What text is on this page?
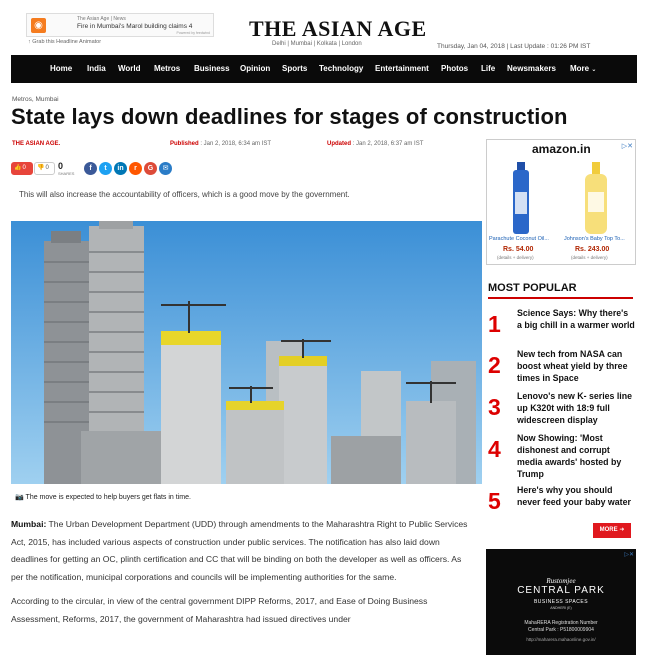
◉
The Asian Age | News
Fire in Mumbai's Marol building claims 4
Powered by feedwind
↑ Grab this Headline Animator
THE ASIAN AGE
Delhi | Mumbai | Kolkata | London	Thursday, Jan 04, 2018 | Last Update : 01:26 PM IST
Home India World Metros Business Opinion Sports Technology Entertainment Photos Life Newsmakers More ⌄
Metros, Mumbai
State lays down deadlines for stages of construction
THE ASIAN AGE.	Published : Jan 2, 2018, 6:34 am IST	Updated : Jan 2, 2018, 6:37 am IST
👍0	👎0	0
SHARES
f	t	in	r	G	✉
This will also increase the accountability of officers, which is a good move by the government.
📷 The move is expected to help buyers get flats in time.

Mumbai: The Urban Development Department (UDD) through amendments to the Maharashtra Right to Public Services Act, 2015, has included various aspects of construction under public services. The notification has also laid down deadlines for getting an OC, plinth certification and CC that will be binding on both the developer as well as officers. As per the notification, municipal corporations and councils will be implementing authorities for the same.

According to the circular, in view of the central government DIPP Reforms, 2017, and Ease of Doing Business Assessment, Reforms, 2017, the government of Maharashtra had issued directives under

amazon.in	▷✕
Parachute Coconut Oil...
Rs. 54.00
(details + delivery)
Johnson's Baby Top To...
Rs. 243.00
(details + delivery)
MOST POPULAR
1 Science Says: Why there's a big chill in a warmer world
2 New tech from NASA can boost wheat yield by three times in Space
3 Lenovo's new K- series line up K320t with 18:9 full widescreen display
4 Now Showing: 'Most dishonest and corrupt media awards' hosted by Trump
5 Here's why you should never feed your baby water
MORE ➜
▷✕
Rustomjee
CENTRAL PARK
BUSINESS SPACES
ANDHERI (E)
MahaRERA Registration Number
Central Park : P51800009904
http://maharera.mahaonline.gov.in/
